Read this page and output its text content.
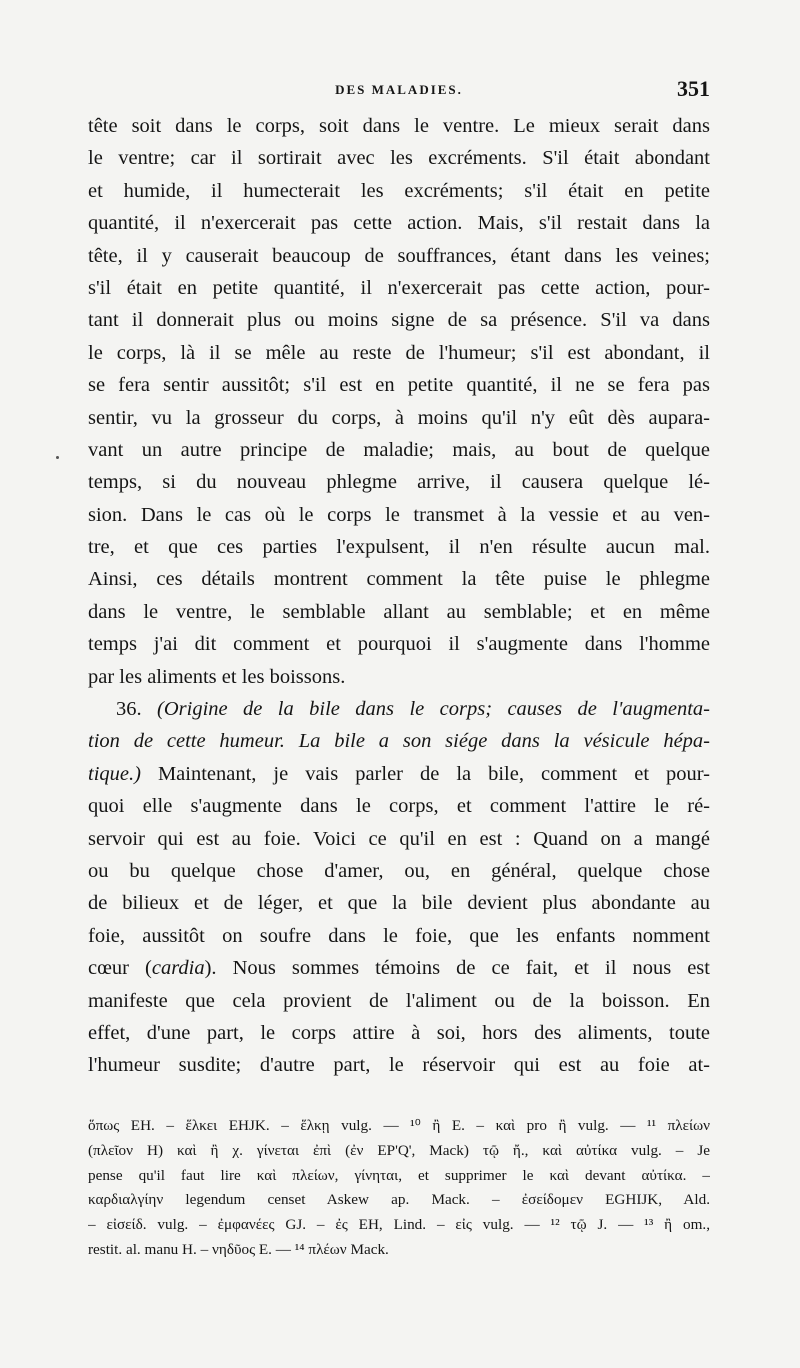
DES MALADIES.	351
tête soit dans le corps, soit dans le ventre. Le mieux serait dans
le ventre; car il sortirait avec les excréments. S'il était abondant
et humide, il humecterait les excréments; s'il était en petite
quantité, il n'exercerait pas cette action. Mais, s'il restait dans la
tête, il y causerait beaucoup de souffrances, étant dans les veines;
s'il était en petite quantité, il n'exercerait pas cette action, pour-
tant il donnerait plus ou moins signe de sa présence. S'il va dans
le corps, là il se mêle au reste de l'humeur; s'il est abondant, il
se fera sentir aussitôt; s'il est en petite quantité, il ne se fera pas
sentir, vu la grosseur du corps, à moins qu'il n'y eût dès aupara-
vant un autre principe de maladie; mais, au bout de quelque
temps, si du nouveau phlegme arrive, il causera quelque lé-
sion. Dans le cas où le corps le transmet à la vessie et au ven-
tre, et que ces parties l'expulsent, il n'en résulte aucun mal.
Ainsi, ces détails montrent comment la tête puise le phlegme
dans le ventre, le semblable allant au semblable; et en même
temps j'ai dit comment et pourquoi il s'augmente dans l'homme
par les aliments et les boissons.
36. (Origine de la bile dans le corps; causes de l'augmenta-
tion de cette humeur. La bile a son siége dans la vésicule hépa-
tique.) Maintenant, je vais parler de la bile, comment et pour-
quoi elle s'augmente dans le corps, et comment l'attire le ré-
servoir qui est au foie. Voici ce qu'il en est : Quand on a mangé
ou bu quelque chose d'amer, ou, en général, quelque chose
de bilieux et de léger, et que la bile devient plus abondante au
foie, aussitôt on soufre dans le foie, que les enfants nomment
cœur (cardia). Nous sommes témoins de ce fait, et il nous est
manifeste que cela provient de l'aliment ou de la boisson. En
effet, d'une part, le corps attire à soi, hors des aliments, toute
l'humeur susdite; d'autre part, le réservoir qui est au foie at-
ὅπως EH. – ἕλκει EHJK. – ἕλκῃ vulg. — ¹⁰ ἢ E. – καὶ pro ἢ vulg. — ¹¹ πλείων
(πλεῖον H) καὶ ἢ χ. γίνεται ἐπὶ (ἐν EP'Q', Mack) τῷ ἤ., καὶ αὐτίκα vulg. – Je
pense qu'il faut lire καὶ πλείων, γίνηται, et supprimer le καὶ devant αὐτίκα. –
καρδιαλγίην legendum censet Askew ap. Mack. – ἐσείδομεν EGHIJK, Ald.
– εἰσείδ. vulg. – ἐμφανέες GJ. – ἐς EH, Lind. – εἰς vulg. — ¹² τῷ J. — ¹³ ἢ om.,
restit. al. manu H. – νηδῦος E. — ¹⁴ πλέων Mack.
